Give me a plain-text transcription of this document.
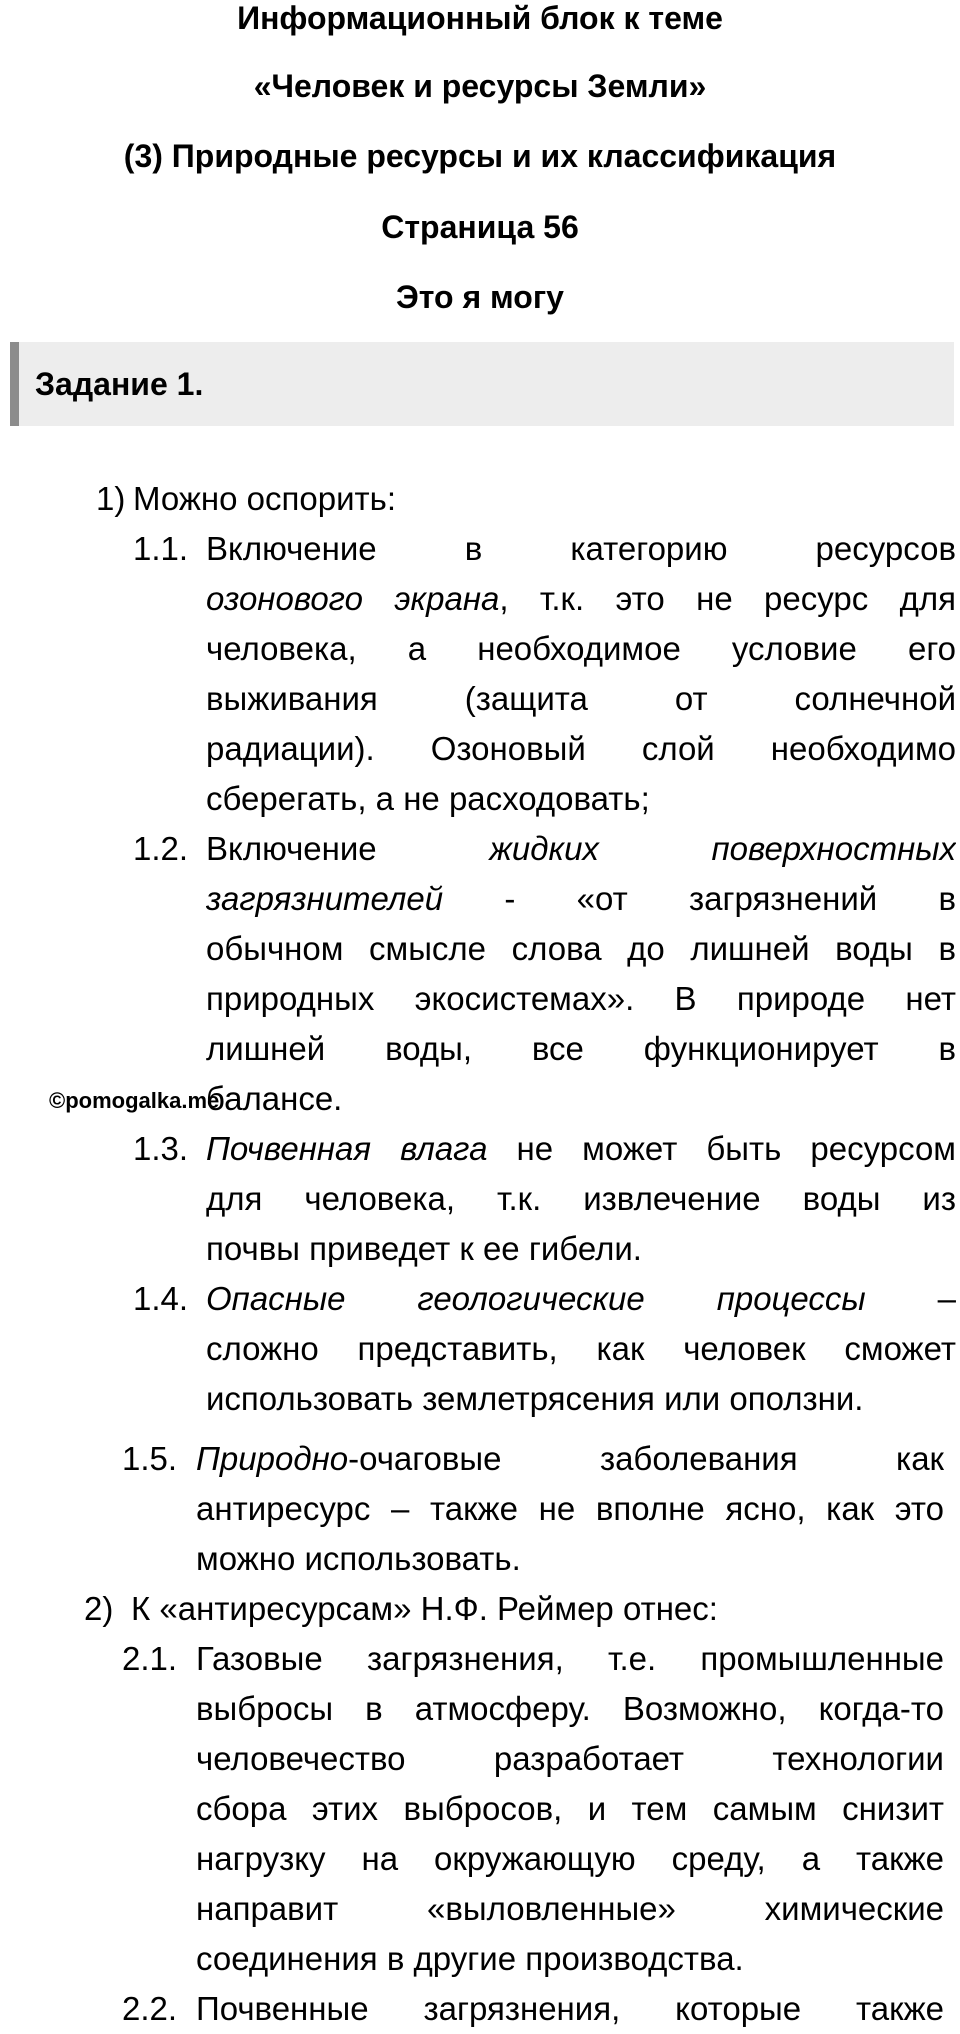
Информационный блок к теме
«Человек и ресурсы Земли»
(3) Природные ресурсы и их классификация
Страница 56
Это я могу
Задание 1.
1) Можно оспорить:
1.1. Включение в категорию ресурсов

озонового экрана, т.к. это не ресурс для

человека, а необходимое условие его

выживания (защита от солнечной

радиации). Озоновый слой необходимо

сберегать, а не расходовать;

1.2. Включение жидких поверхностных

загрязнителей - «от загрязнений в

обычном смысле слова до лишней воды в

природных экосистемах». В природе нет

лишней воды, все функционирует в

балансе.

©pomogalka.me
1.3. Почвенная влага не может быть ресурсом

для человека, т.к. извлечение воды из

почвы приведет к ее гибели.

1.4. Опасные геологические процессы –

сложно представить, как человек сможет

использовать землетрясения или оползни.

1.5. Природно-очаговые заболевания как

антиресурс – также не вполне ясно, как это

можно использовать.

2) К «антиресурсам» Н.Ф. Реймер отнес:
2.1. Газовые загрязнения, т.е. промышленные

выбросы в атмосферу. Возможно, когда-то

человечество разработает технологии

сбора этих выбросов, и тем самым снизит

нагрузку на окружающую среду, а также

направит «выловленные» химические

соединения в другие производства.

2.2. Почвенные загрязнения, которые также
